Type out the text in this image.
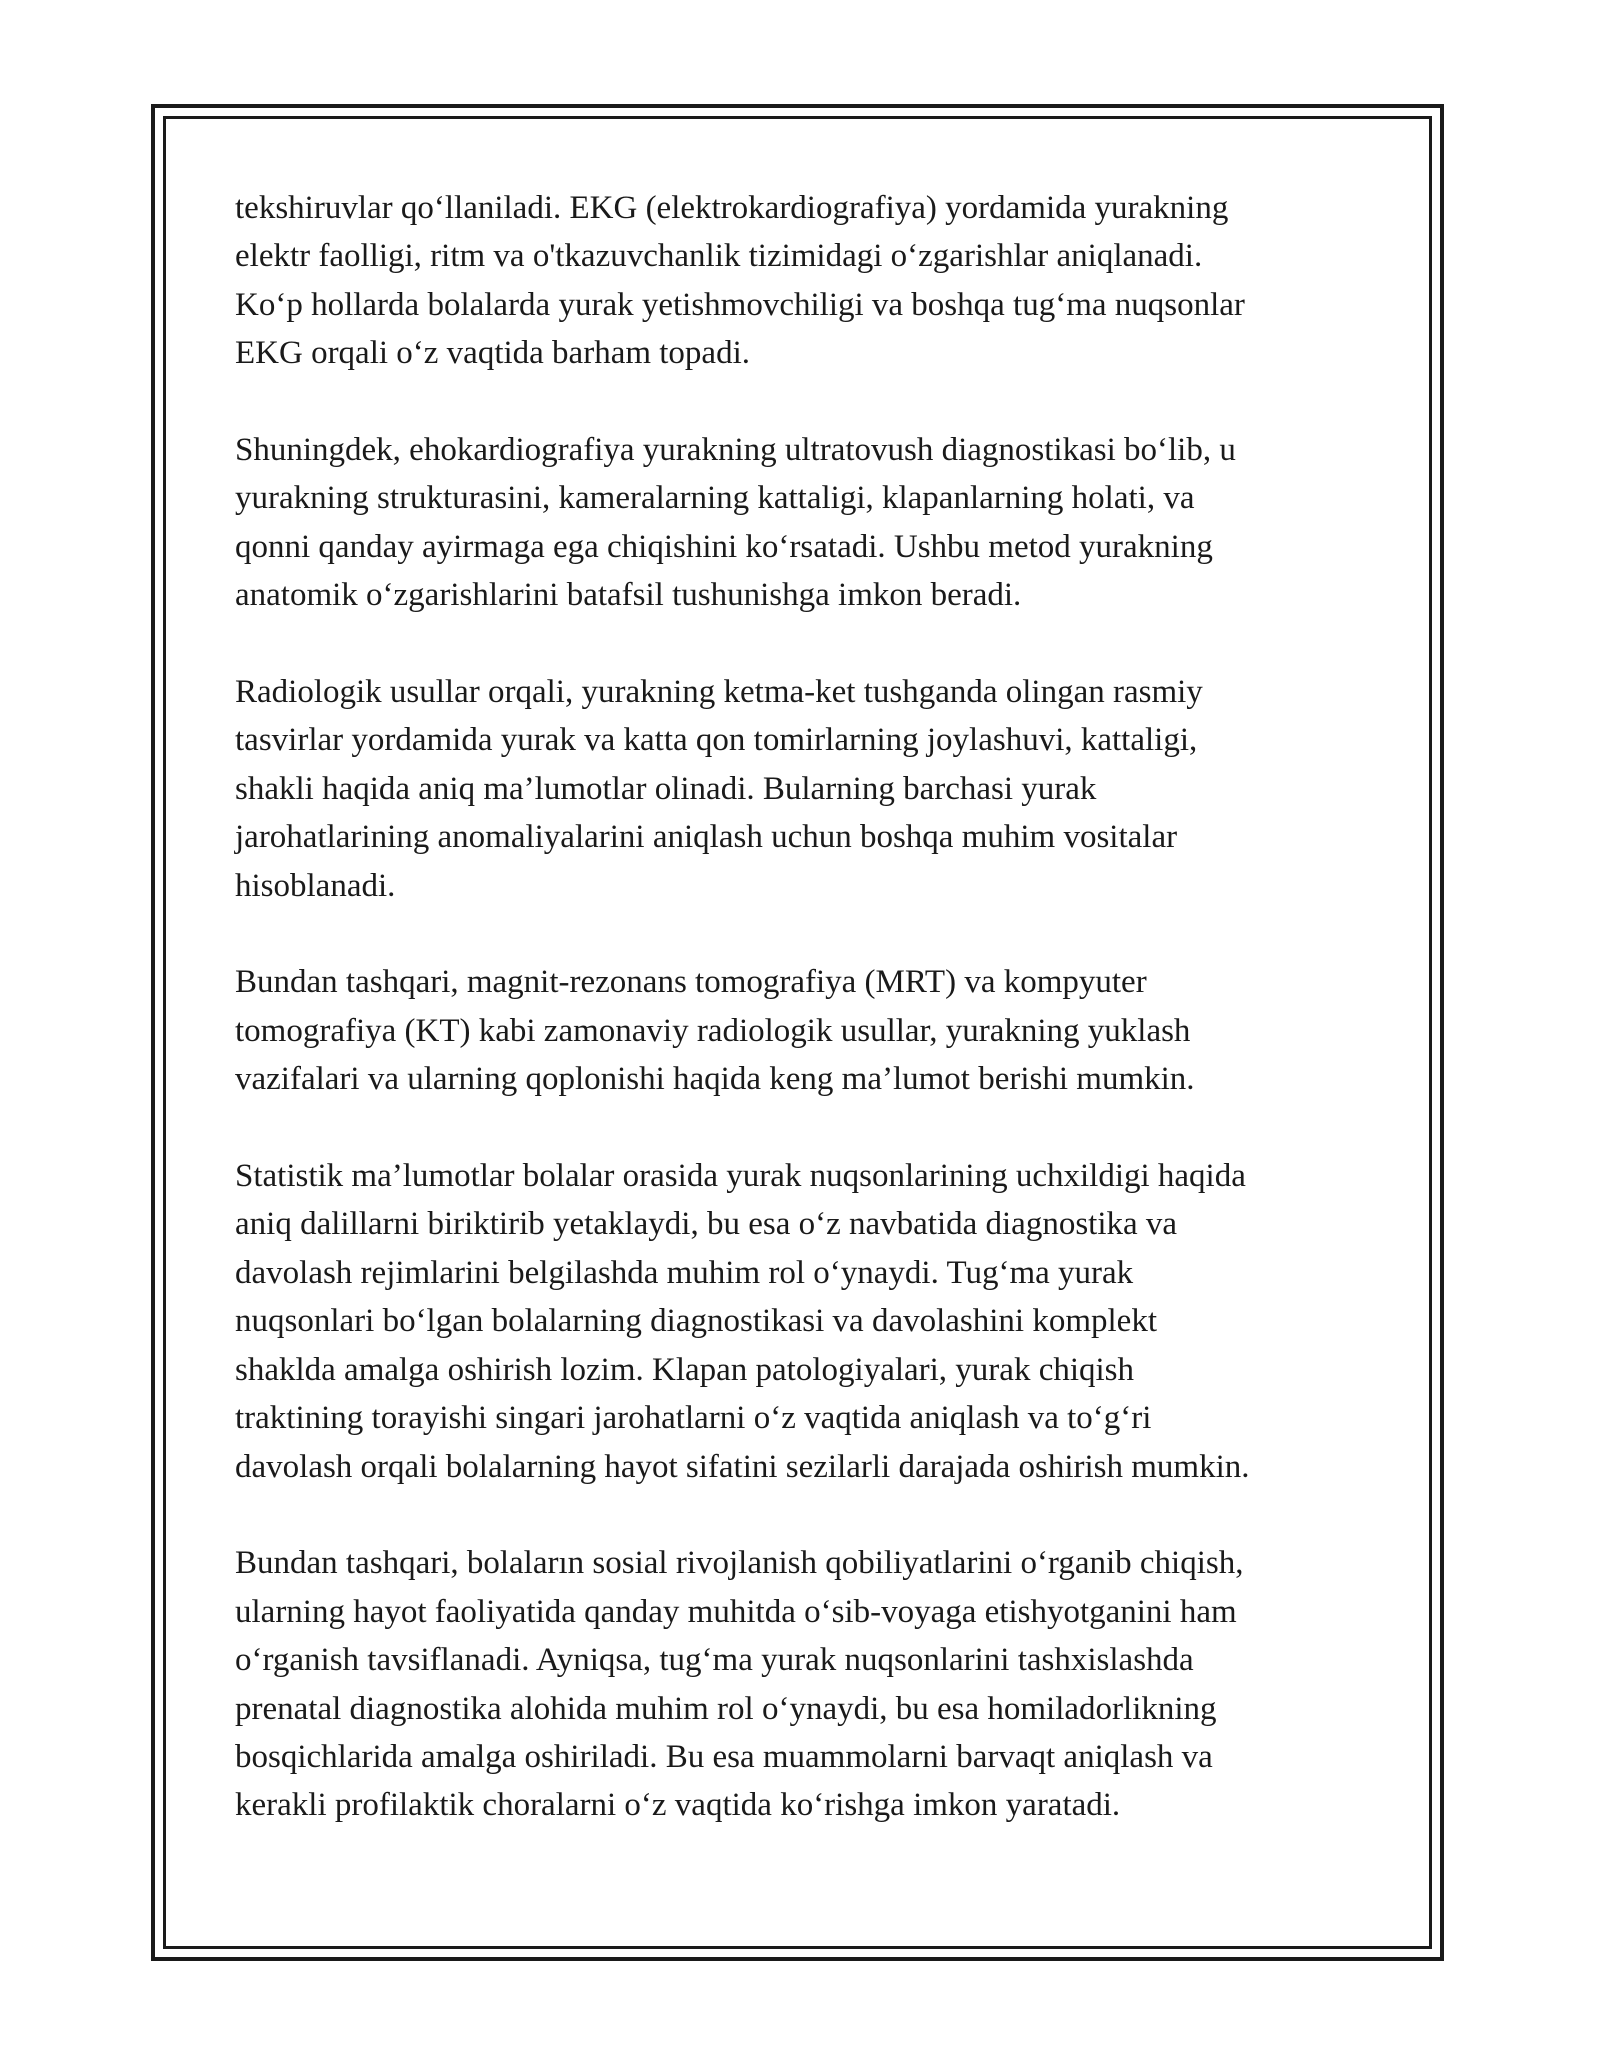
tekshiruvlar qo‘llaniladi. EKG (elektrokardiografiya) yordamida yurakning
elektr faolligi, ritm va o'tkazuvchanlik tizimidagi o‘zgarishlar aniqlanadi.
Ko‘p hollarda bolalarda yurak yetishmovchiligi va boshqa tug‘ma nuqsonlar
EKG orqali o‘z vaqtida barham topadi.

Shuningdek, ehokardiografiya yurakning ultratovush diagnostikasi bo‘lib, u
yurakning strukturasini, kameralarning kattaligi, klapanlarning holati, va
qonni qanday ayirmaga ega chiqishini ko‘rsatadi. Ushbu metod yurakning
anatomik o‘zgarishlarini batafsil tushunishga imkon beradi.

Radiologik usullar orqali, yurakning ketma-ket tushganda olingan rasmiy
tasvirlar yordamida yurak va katta qon tomirlarning joylashuvi, kattaligi,
shakli haqida aniq ma’lumotlar olinadi. Bularning barchasi yurak
jarohatlarining anomaliyalarini aniqlash uchun boshqa muhim vositalar
hisoblanadi.

Bundan tashqari, magnit-rezonans tomografiya (MRT) va kompyuter
tomografiya (KT) kabi zamonaviy radiologik usullar, yurakning yuklash
vazifalari va ularning qoplonishi haqida keng ma’lumot berishi mumkin.

Statistik ma’lumotlar bolalar orasida yurak nuqsonlarining uchxildigi haqida
aniq dalillarni biriktirib yetaklaydi, bu esa o‘z navbatida diagnostika va
davolash rejimlarini belgilashda muhim rol o‘ynaydi. Tug‘ma yurak
nuqsonlari bo‘lgan bolalarning diagnostikasi va davolashini komplekt
shaklda amalga oshirish lozim. Klapan patologiyalari, yurak chiqish
traktining torayishi singari jarohatlarni o‘z vaqtida aniqlash va to‘g‘ri
davolash orqali bolalarning hayot sifatini sezilarli darajada oshirish mumkin.

Bundan tashqari, bolaların sosial rivojlanish qobiliyatlarini o‘rganib chiqish,
ularning hayot faoliyatida qanday muhitda o‘sib-voyaga etishyotganini ham
o‘rganish tavsiflanadi. Ayniqsa, tug‘ma yurak nuqsonlarini tashxislashda
prenatal diagnostika alohida muhim rol o‘ynaydi, bu esa homiladorlikning
bosqichlarida amalga oshiriladi. Bu esa muammolarni barvaqt aniqlash va
kerakli profilaktik choralarni o‘z vaqtida ko‘rishga imkon yaratadi.
